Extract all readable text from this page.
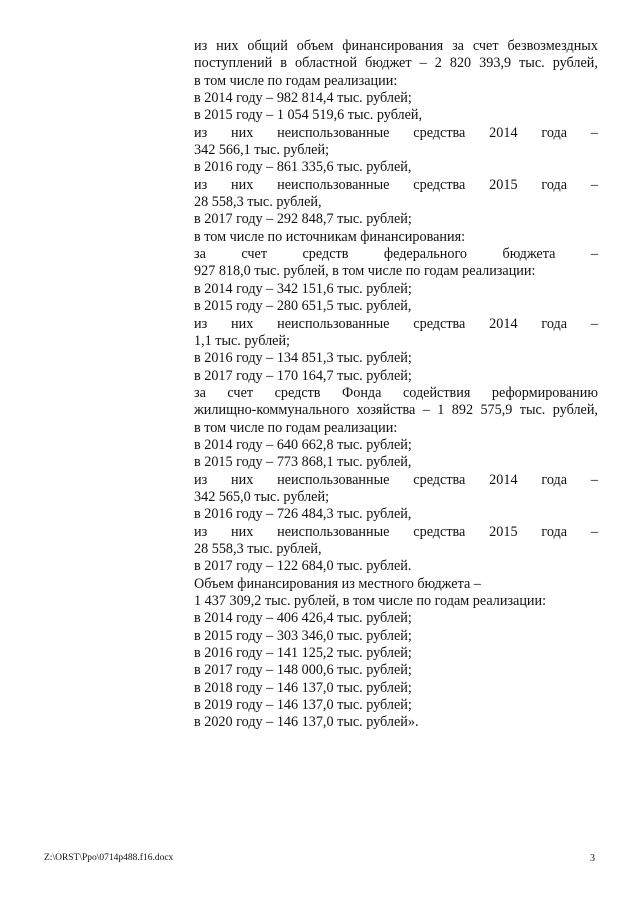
из них общий объем финансирования за счет безвозмездных
поступлений в областной бюджет – 2 820 393,9 тыс. рублей,
в том числе по годам реализации:
в 2014 году – 982 814,4 тыс. рублей;
в 2015 году – 1 054 519,6 тыс. рублей,
из них неиспользованные средства 2014 года –
342 566,1 тыс. рублей;
в 2016 году – 861 335,6 тыс. рублей,
из них неиспользованные средства 2015 года –
28 558,3 тыс. рублей,
в 2017 году – 292 848,7 тыс. рублей;
в том числе по источникам финансирования:
за счет средств федерального бюджета –
927 818,0 тыс. рублей, в том числе по годам реализации:
в 2014 году – 342 151,6 тыс. рублей;
в 2015 году – 280 651,5 тыс. рублей,
из них неиспользованные средства 2014 года –
1,1 тыс. рублей;
в 2016 году – 134 851,3 тыс. рублей;
в 2017 году – 170 164,7 тыс. рублей;
за счет средств Фонда содействия реформированию
жилищно-коммунального хозяйства – 1 892 575,9 тыс. рублей,
в том числе по годам реализации:
в 2014 году – 640 662,8 тыс. рублей;
в 2015 году – 773 868,1 тыс. рублей,
из них неиспользованные средства 2014 года –
342 565,0 тыс. рублей;
в 2016 году – 726 484,3 тыс. рублей,
из них неиспользованные средства 2015 года –
28 558,3 тыс. рублей,
в 2017 году – 122 684,0 тыс. рублей.
Объем финансирования из местного бюджета –
1 437 309,2 тыс. рублей, в том числе по годам реализации:
в 2014 году – 406 426,4 тыс. рублей;
в 2015 году – 303 346,0 тыс. рублей;
в 2016 году – 141 125,2 тыс. рублей;
в 2017 году – 148 000,6 тыс. рублей;
в 2018 году – 146 137,0 тыс. рублей;
в 2019 году – 146 137,0 тыс. рублей;
в 2020 году – 146 137,0 тыс. рублей».
Z:\ORST\Ppo\0714p488.f16.docx	3
